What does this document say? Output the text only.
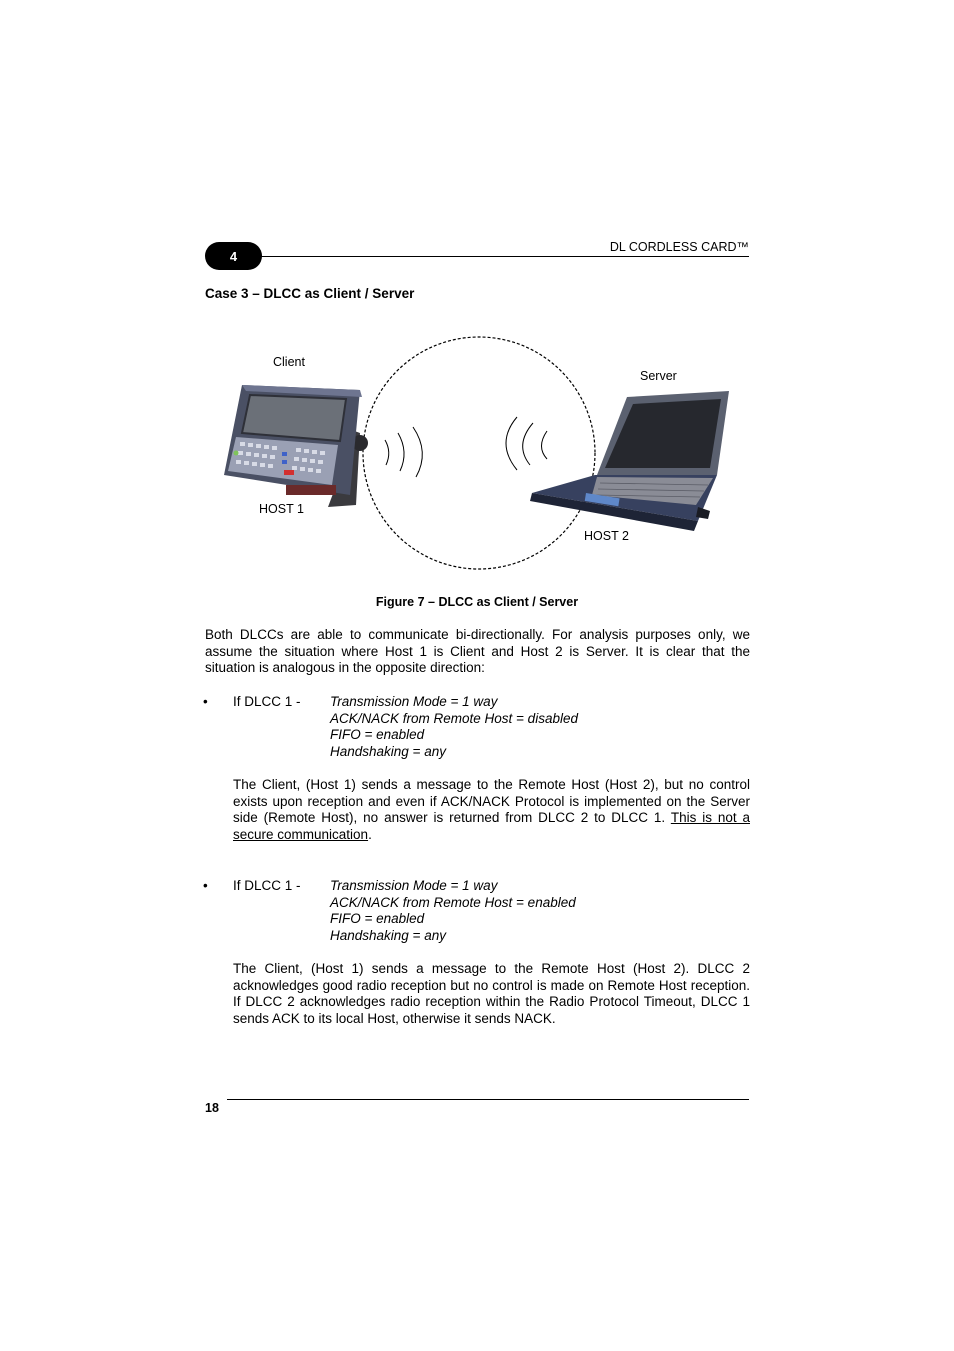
4
DL CORDLESS CARD™
Case 3 – DLCC as Client / Server
Client
Server
HOST 1
HOST 2
Figure 7 – DLCC as Client / Server
Both DLCCs are able to communicate bi-directionally. For analysis purposes only, we assume the situation where Host 1 is Client and Host 2 is Server. It is clear that the situation is analogous in the opposite direction:
• If DLCC 1 - Transmission Mode = 1 way
ACK/NACK from Remote Host = disabled
FIFO = enabled
Handshaking = any
The Client, (Host 1) sends a message to the Remote Host (Host 2), but no control exists upon reception and even if ACK/NACK Protocol is implemented on the Server side (Remote Host), no answer is returned from DLCC 2 to DLCC 1. This is not a secure communication.
• If DLCC 1 - Transmission Mode = 1 way
ACK/NACK from Remote Host = enabled
FIFO = enabled
Handshaking = any
The Client, (Host 1) sends a message to the Remote Host (Host 2). DLCC 2 acknowledges good radio reception but no control is made on Remote Host reception. If DLCC 2 acknowledges radio reception within the Radio Protocol Timeout, DLCC 1 sends ACK to its local Host, otherwise it sends NACK.
18
